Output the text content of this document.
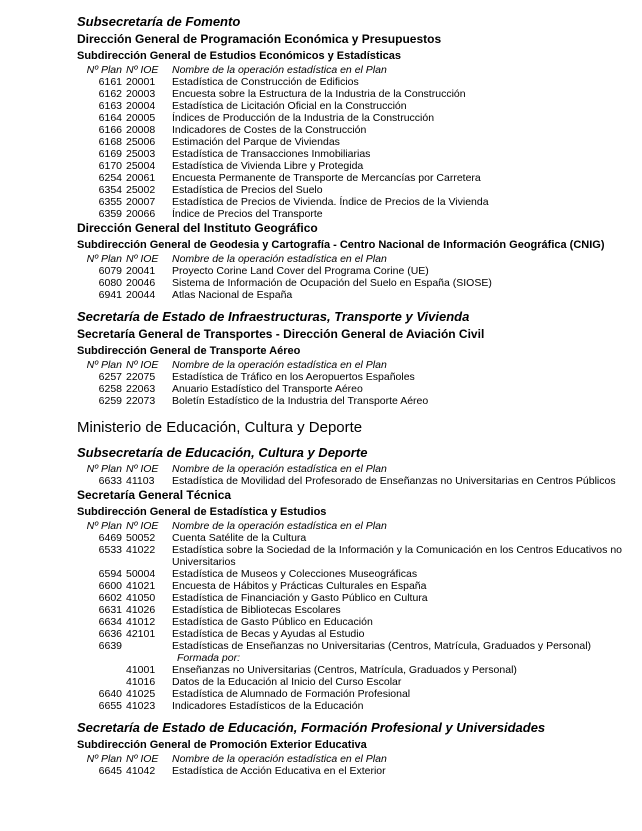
Subsecretaría de Fomento
Dirección General de Programación Económica y Presupuestos
Subdirección General de Estudios Económicos y Estadísticas
Nº Plan Nº IOE	Nombre de la operación estadística en el Plan
6161 20001	Estadística de Construcción de Edificios
6162 20003	Encuesta sobre la Estructura de la Industria de la Construcción
6163 20004	Estadística de Licitación Oficial en la Construcción
6164 20005	Índices de Producción de la Industria de la Construcción
6166 20008	Indicadores de Costes de la Construcción
6168 25006	Estimación del Parque de Viviendas
6169 25003	Estadística de Transacciones Inmobiliarias
6170 25004	Estadística de Vivienda Libre y Protegida
6254 20061	Encuesta Permanente de Transporte de Mercancías por Carretera
6354 25002	Estadística de Precios del Suelo
6355 20007	Estadística de Precios de Vivienda. Índice de Precios de la Vivienda
6359 20066	Índice de Precios del Transporte
Dirección General del Instituto Geográfico
Subdirección General de Geodesia y Cartografía - Centro Nacional de Información Geográfica (CNIG)
Nº Plan Nº IOE	Nombre de la operación estadística en el Plan
6079 20041	Proyecto Corine Land Cover del Programa Corine (UE)
6080 20046	Sistema de Información de Ocupación del Suelo en España (SIOSE)
6941 20044	Atlas Nacional de España
Secretaría de Estado de Infraestructuras, Transporte y Vivienda
Secretaría General de Transportes - Dirección General de Aviación Civil
Subdirección General de Transporte Aéreo
Nº Plan Nº IOE	Nombre de la operación estadística en el Plan
6257 22075	Estadística de Tráfico en los Aeropuertos Españoles
6258 22063	Anuario Estadístico del Transporte Aéreo
6259 22073	Boletín Estadístico de la Industria del Transporte Aéreo
Ministerio de Educación, Cultura y Deporte
Subsecretaría de Educación, Cultura y Deporte
Nº Plan Nº IOE	Nombre de la operación estadística en el Plan
6633 41103	Estadística de Movilidad del Profesorado de Enseñanzas no Universitarias en Centros Públicos
Secretaría General Técnica
Subdirección General de Estadística y Estudios
Nº Plan Nº IOE	Nombre de la operación estadística en el Plan
6469 50052	Cuenta Satélite de la Cultura
6533 41022	Estadística sobre la Sociedad de la Información y la Comunicación en los Centros Educativos no Universitarios
6594 50004	Estadística de Museos y Colecciones Museográficas
6600 41021	Encuesta de Hábitos y Prácticas Culturales en España
6602 41050	Estadística de Financiación y Gasto Público en Cultura
6631 41026	Estadística de Bibliotecas Escolares
6634 41012	Estadística de Gasto Público en Educación
6636 42101	Estadística de Becas y Ayudas al Estudio
6639	Estadísticas de Enseñanzas no Universitarias (Centros, Matrícula, Graduados y Personal)
Formada por:
41001	Enseñanzas no Universitarias (Centros, Matrícula, Graduados y Personal)
41016	Datos de la Educación al Inicio del Curso Escolar
6640 41025	Estadística de Alumnado de Formación Profesional
6655 41023	Indicadores Estadísticos de la Educación
Secretaría de Estado de Educación, Formación Profesional y Universidades
Subdirección General de Promoción Exterior Educativa
Nº Plan Nº IOE	Nombre de la operación estadística en el Plan
6645 41042	Estadística de Acción Educativa en el Exterior
